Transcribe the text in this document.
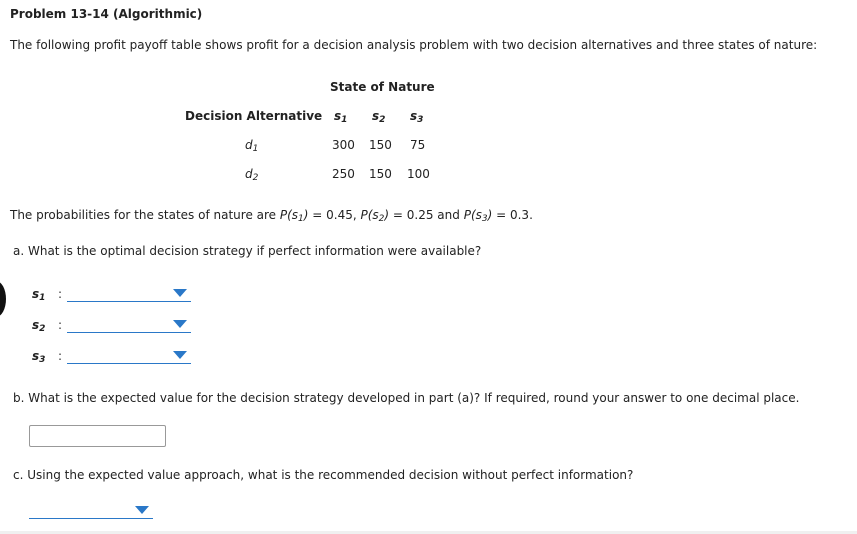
Problem 13-14 (Algorithmic)
The following profit payoff table shows profit for a decision analysis problem with two decision alternatives and three states of nature:
State of Nature
Decision Alternative $s_1$ $s_2$ $s_3$
$d_1$	300 150 75
$d_2$	250 150 100
The probabilities for the states of nature are $P(s_1) = 0.45$, $P(s_2) = 0.25$ and $P(s_3) = 0.3$.
a. What is the optimal decision strategy if perfect information were available?
$s_1$ :
$s_2$ :
$s_3$ :
b. What is the expected value for the decision strategy developed in part (a)? If required, round your answer to one decimal place.
c. Using the expected value approach, what is the recommended decision without perfect information?
